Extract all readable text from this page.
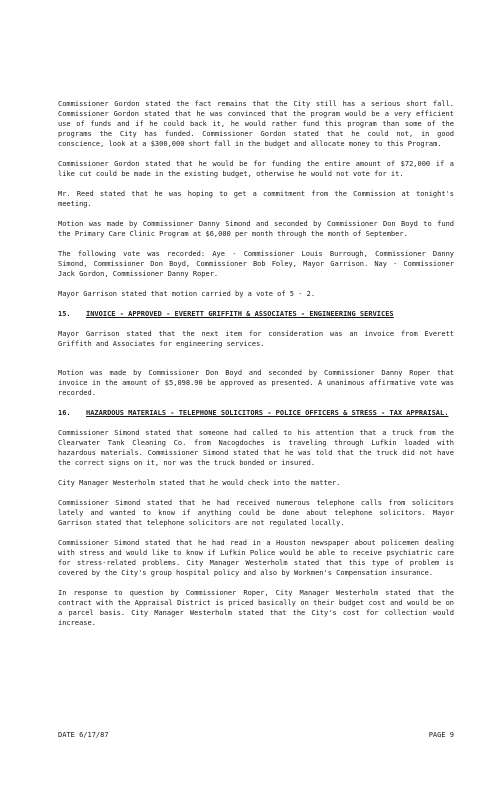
Commissioner Gordon stated the fact remains that the City still has a serious short fall. Commissioner Gordon stated that he was convinced that the program would be a very efficient use of funds and if he could back it, he would rather fund this program than some of the programs the City has funded. Commissioner Gordon stated that he could not, in good conscience, look at a $300,000 short fall in the budget and allocate money to this Program.

Commissioner Gordon stated that he would be for funding the entire amount of $72,000 if a like cut could be made in the existing budget, otherwise he would not vote for it.

Mr. Reed stated that he was hoping to get a commitment from the Commission at tonight's meeting.

Motion was made by Commissioner Danny Simond and seconded by Commissioner Don Boyd to fund the Primary Care Clinic Program at $6,000 per month through the month of September.

The following vote was recorded: Aye - Commissioner Louis Burrough, Commissioner Danny Simond, Commissioner Don Boyd, Commissioner Bob Foley, Mayor Garrison. Nay - Commissioner Jack Gordon, Commissioner Danny Roper.

Mayor Garrison stated that motion carried by a vote of 5 - 2.

15.	INVOICE - APPROVED - EVERETT GRIFFITH & ASSOCIATES - ENGINEERING SERVICES

Mayor Garrison stated that the next item for consideration was an invoice from Everett Griffith and Associates for engineering services.

Motion was made by Commissioner Don Boyd and seconded by Commissioner Danny Roper that invoice in the amount of $5,098.90 be approved as presented. A unanimous affirmative vote was recorded.

16.	HAZARDOUS MATERIALS - TELEPHONE SOLICITORS - POLICE OFFICERS & STRESS - TAX APPRAISAL.

Commissioner Simond stated that someone had called to his attention that a truck from the Clearwater Tank Cleaning Co. from Nacogdoches is traveling through Lufkin loaded with hazardous materials. Commissioner Simond stated that he was told that the truck did not have the correct signs on it, nor was the truck bonded or insured.

City Manager Westerholm stated that he would check into the matter.

Commissioner Simond stated that he had received numerous telephone calls from solicitors lately and wanted to know if anything could be done about telephone solicitors. Mayor Garrison stated that telephone solicitors are not regulated locally.

Commissioner Simond stated that he had read in a Houston newspaper about policemen dealing with stress and would like to know if Lufkin Police would be able to receive psychiatric care for stress-related problems. City Manager Westerholm stated that this type of problem is covered by the City's group hospital policy and also by Workmen's Compensation insurance.

In response to question by Commissioner Roper, City Manager Westerholm stated that the contract with the Appraisal District is priced basically on their budget cost and would be on a parcel basis. City Manager Westerholm stated that the City's cost for collection would increase.

DATE 6/17/87	PAGE 9
